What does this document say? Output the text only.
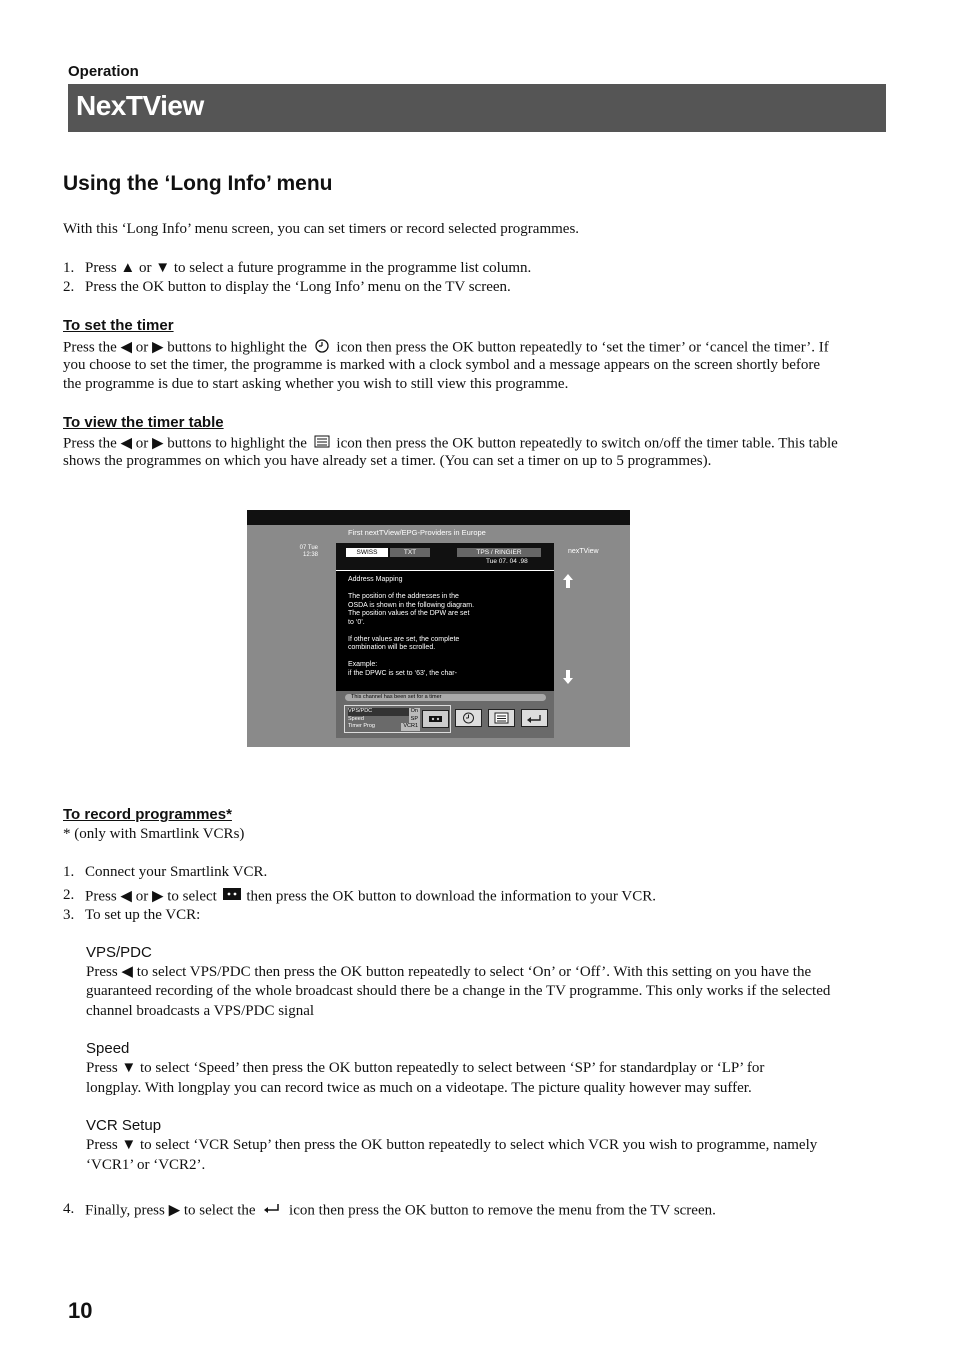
Operation
NexTView
Using the ‘Long Info’ menu
With this ‘Long Info’ menu screen, you can set timers or record selected programmes.
1. Press ▲ or ▼ to select a future programme in the programme list column.
2. Press the OK button to display the ‘Long Info’ menu on the TV screen.
To set the timer
Press the ◀ or ▶ buttons to highlight the icon then press the OK button repeatedly to ‘set the timer’ or ‘cancel the timer’. If
you choose to set the timer, the programme is marked with a clock symbol and a message appears on the screen shortly before
the programme is due to start asking whether you wish to still view this programme.
To view the timer table
Press the ◀ or ▶ buttons to highlight the icon then press the OK button repeatedly to switch on/off the timer table. This table
shows the programmes on which you have already set a timer. (You can set a timer on up to 5 programmes).
First nextTView/EPG-Providers in Europe
07 Tue
12:38	SWISS	TXT	TPS / RINGIER
Tue 07. 04 .98
nexTView
Address Mapping

The position of the addresses in the
OSDA is shown in the following diagram.
The position values of the DPW are set
to ‘0’.

If other values are set, the complete
combination will be scrolled.

Example:
if the DPWC is set to ‘63’, the char-
This channel has been set for a timer
VPS/PDC	On
Speed	SP
Timer Prog	VCR1
To record programmes*
* (only with Smartlink VCRs)
1. Connect your Smartlink VCR.
2. Press ◀ or ▶ to select then press the OK button to download the information to your VCR.
3. To set up the VCR:
VPS/PDC
Press ◀ to select VPS/PDC then press the OK button repeatedly to select ‘On’ or ‘Off’. With this setting on you have the
guaranteed recording of the whole broadcast should there be a change in the TV programme. This only works if the selected
channel broadcasts a VPS/PDC signal
Speed
Press ▼ to select ‘Speed’ then press the OK button repeatedly to select between ‘SP’ for standardplay or ‘LP’ for
longplay. With longplay you can record twice as much on a videotape. The picture quality however may suffer.
VCR Setup
Press ▼ to select ‘VCR Setup’ then press the OK button repeatedly to select which VCR you wish to programme, namely
‘VCR1’ or ‘VCR2’.
4. Finally, press ▶ to select the icon then press the OK button to remove the menu from the TV screen.
10
